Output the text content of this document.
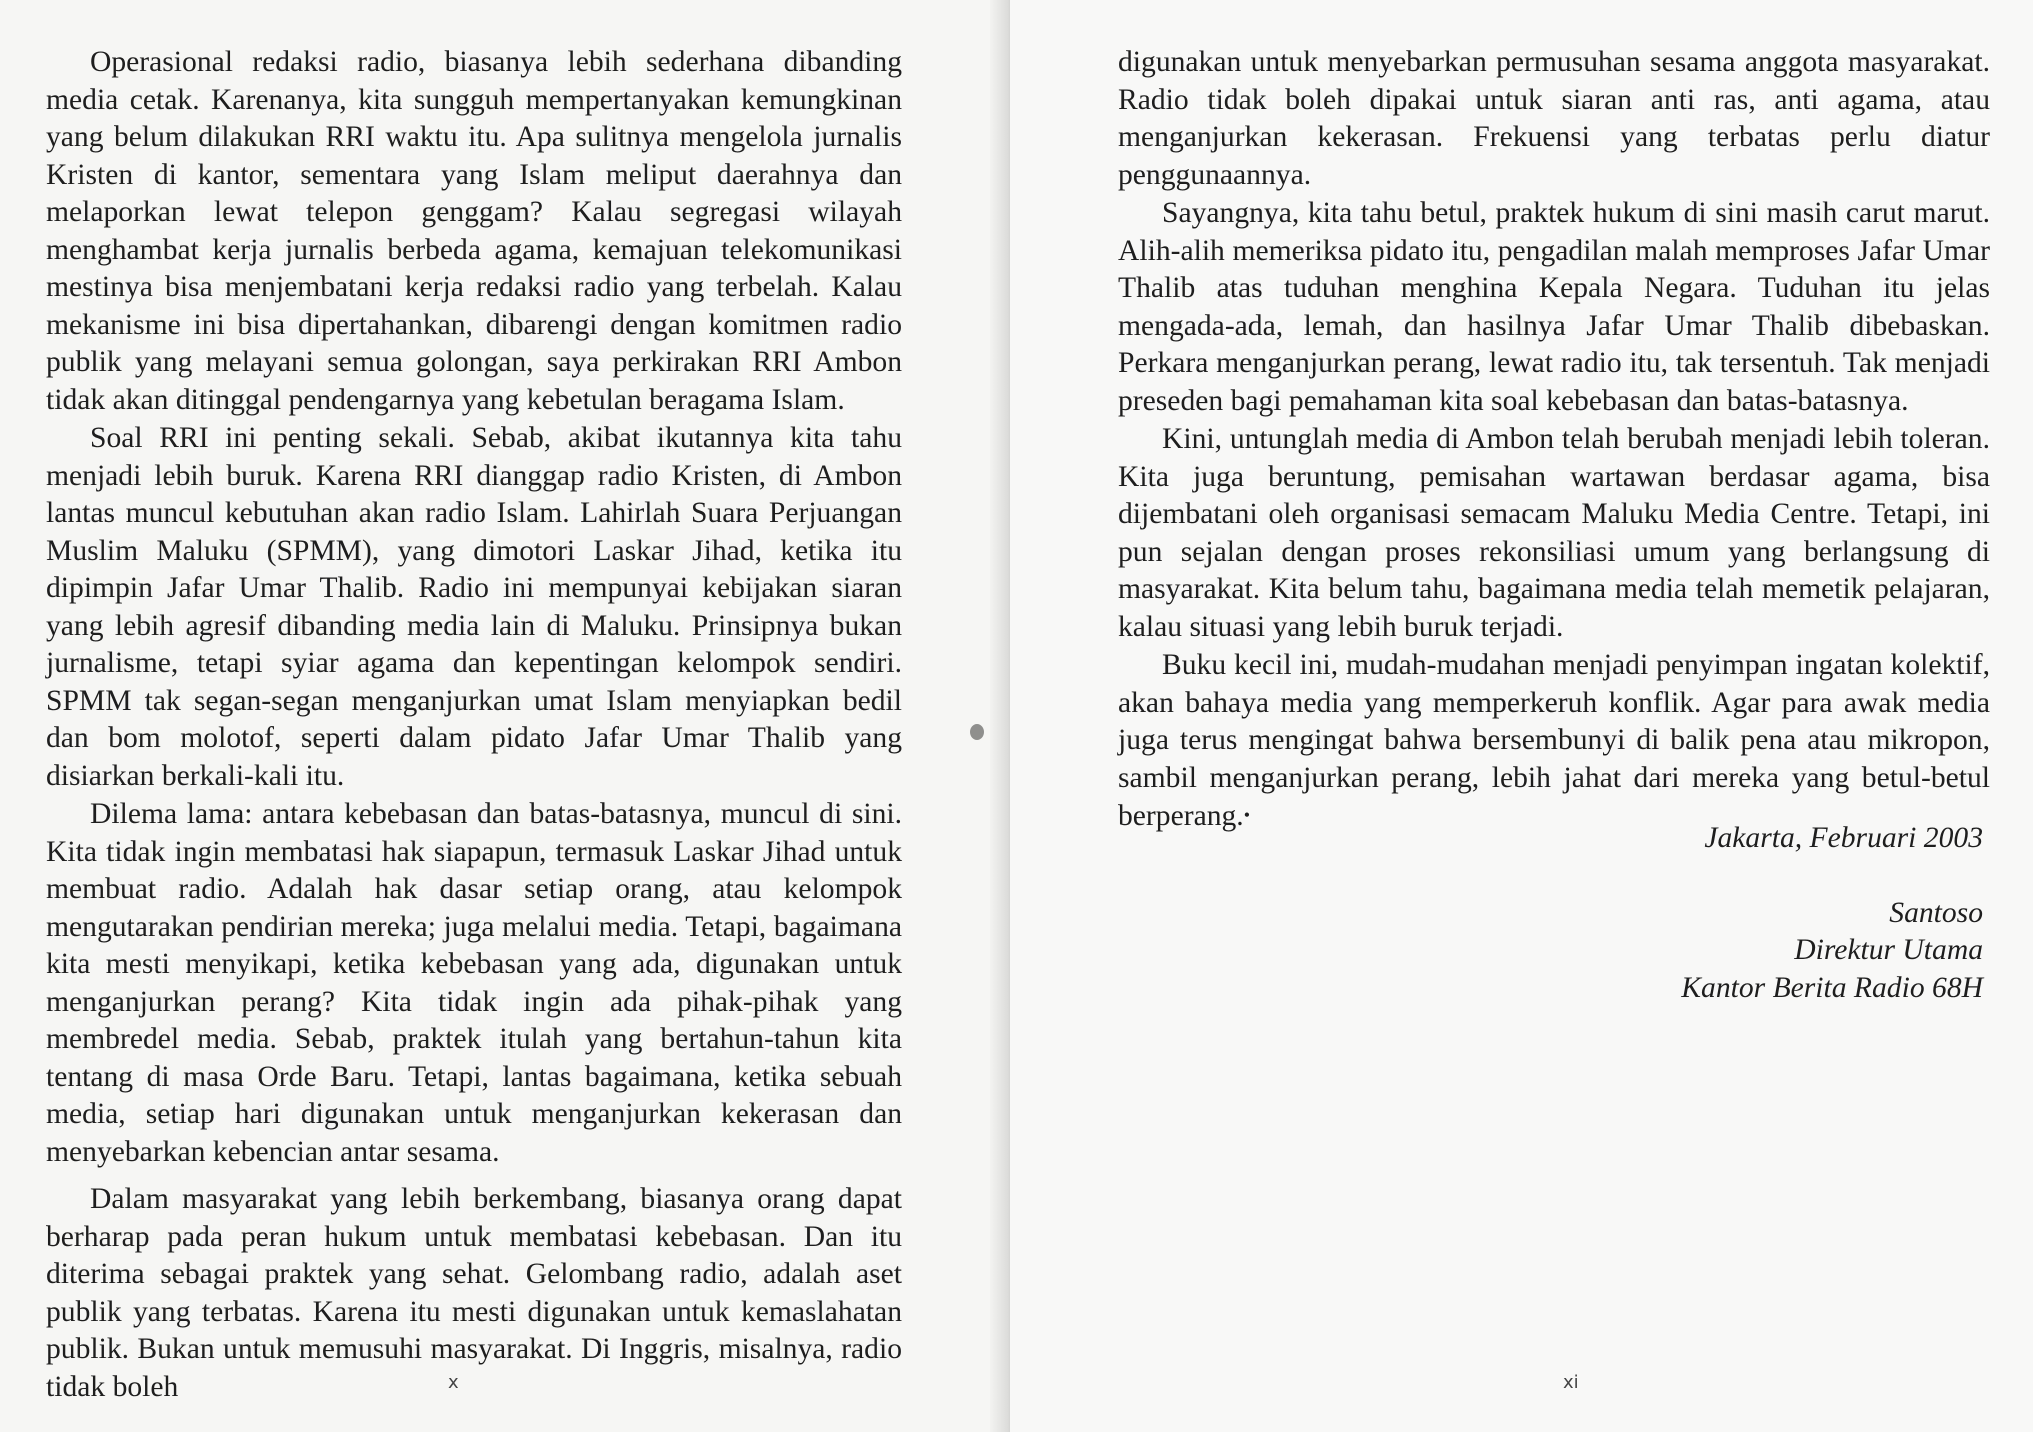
Operasional redaksi radio, biasanya lebih sederhana dibanding media cetak. Karenanya, kita sungguh mempertanyakan kemungkinan yang belum dilakukan RRI waktu itu. Apa sulitnya mengelola jurnalis Kristen di kantor, sementara yang Islam meliput daerahnya dan melaporkan lewat telepon genggam? Kalau segregasi wilayah menghambat kerja jurnalis berbeda agama, kemajuan telekomunikasi mestinya bisa menjembatani kerja redaksi radio yang terbelah. Kalau mekanisme ini bisa dipertahankan, dibarengi dengan komitmen radio publik yang melayani semua golongan, saya perkirakan RRI Ambon tidak akan ditinggal pendengarnya yang kebetulan beragama Islam.

Soal RRI ini penting sekali. Sebab, akibat ikutannya kita tahu menjadi lebih buruk. Karena RRI dianggap radio Kristen, di Ambon lantas muncul kebutuhan akan radio Islam. Lahirlah Suara Perjuangan Muslim Maluku (SPMM), yang dimotori Laskar Jihad, ketika itu dipimpin Jafar Umar Thalib. Radio ini mempunyai kebijakan siaran yang lebih agresif dibanding media lain di Maluku. Prinsipnya bukan jurnalisme, tetapi syiar agama dan kepentingan kelompok sendiri. SPMM tak segan-segan menganjurkan umat Islam menyiapkan bedil dan bom molotof, seperti dalam pidato Jafar Umar Thalib yang disiarkan berkali-kali itu.

Dilema lama: antara kebebasan dan batas-batasnya, muncul di sini. Kita tidak ingin membatasi hak siapapun, termasuk Laskar Jihad untuk membuat radio. Adalah hak dasar setiap orang, atau kelompok mengutarakan pendirian mereka; juga melalui media. Tetapi, bagaimana kita mesti menyikapi, ketika kebebasan yang ada, digunakan untuk menganjurkan perang? Kita tidak ingin ada pihak-pihak yang membredel media. Sebab, praktek itulah yang bertahun-tahun kita tentang di masa Orde Baru. Tetapi, lantas bagaimana, ketika sebuah media, setiap hari digunakan untuk menganjurkan kekerasan dan menyebarkan kebencian antar sesama.

Dalam masyarakat yang lebih berkembang, biasanya orang dapat berharap pada peran hukum untuk membatasi kebebasan. Dan itu diterima sebagai praktek yang sehat. Gelombang radio, adalah aset publik yang terbatas. Karena itu mesti digunakan untuk kemaslahatan publik. Bukan untuk memusuhi masyarakat. Di Inggris, misalnya, radio tidak boleh	x

digunakan untuk menyebarkan permusuhan sesama anggota masyarakat. Radio tidak boleh dipakai untuk siaran anti ras, anti agama, atau menganjurkan kekerasan. Frekuensi yang terbatas perlu diatur penggunaannya.

Sayangnya, kita tahu betul, praktek hukum di sini masih carut marut. Alih-alih memeriksa pidato itu, pengadilan malah memproses Jafar Umar Thalib atas tuduhan menghina Kepala Negara. Tuduhan itu jelas mengada-ada, lemah, dan hasilnya Jafar Umar Thalib dibebaskan. Perkara menganjurkan perang, lewat radio itu, tak tersentuh. Tak menjadi preseden bagi pemahaman kita soal kebebasan dan batas-batasnya.

Kini, untunglah media di Ambon telah berubah menjadi lebih toleran. Kita juga beruntung, pemisahan wartawan berdasar agama, bisa dijembatani oleh organisasi semacam Maluku Media Centre. Tetapi, ini pun sejalan dengan proses rekonsiliasi umum yang berlangsung di masyarakat. Kita belum tahu, bagaimana media telah memetik pelajaran, kalau situasi yang lebih buruk terjadi.

Buku kecil ini, mudah-mudahan menjadi penyimpan ingatan kolektif, akan bahaya media yang memperkeruh konflik. Agar para awak media juga terus mengingat bahwa bersembunyi di balik pena atau mikropon, sambil menganjurkan perang, lebih jahat dari mereka yang betul-betul berperang.•

Jakarta, Februari 2003
Santoso
Direktur Utama
Kantor Berita Radio 68H
xi
